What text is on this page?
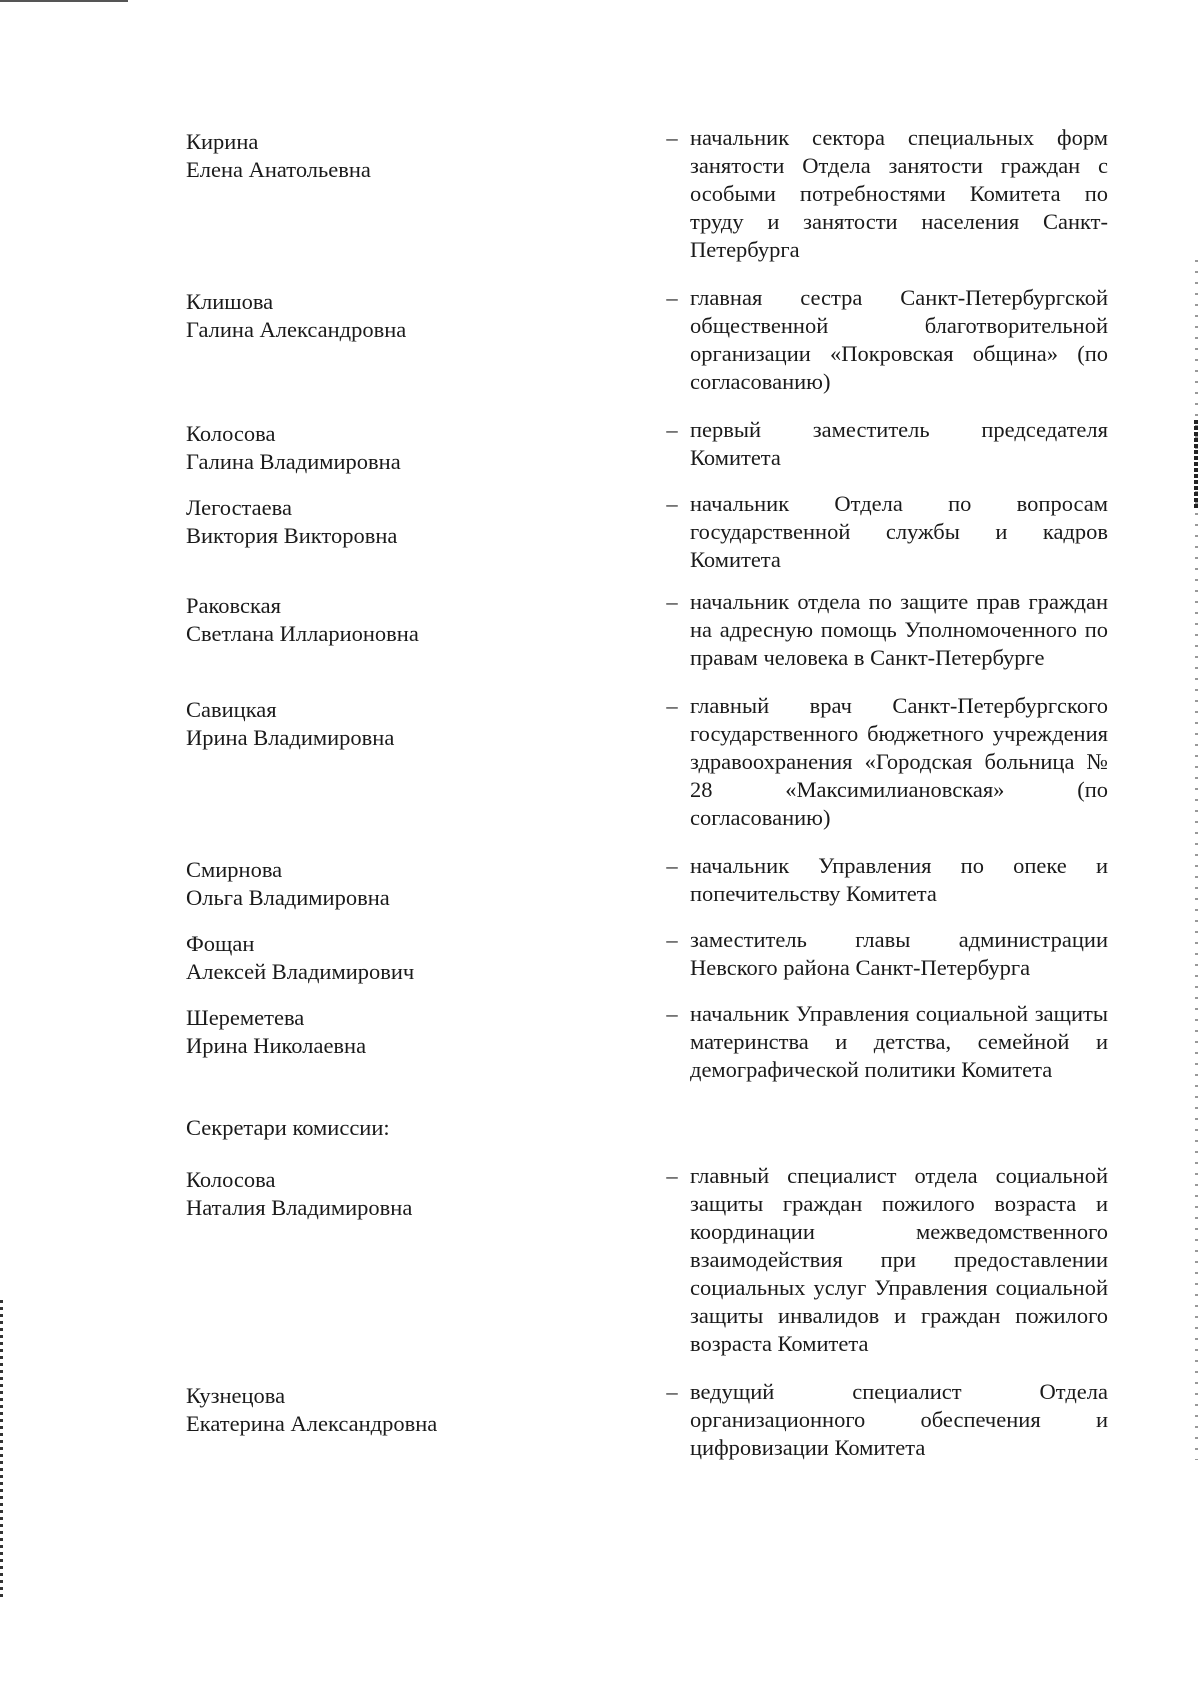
Кирина
Елена Анатольевна
– начальник сектора специальных форм занятости Отдела занятости граждан с особыми потребностями Комитета по труду и занятости населения Санкт-Петербурга
Клишова
Галина Александровна
– главная сестра Санкт-Петербургской общественной благотворительной организации «Покровская община» (по согласованию)
Колосова
Галина Владимировна
– первый заместитель председателя Комитета
Легостаева
Виктория Викторовна
– начальник Отдела по вопросам государственной службы и кадров Комитета
Раковская
Светлана Илларионовна
– начальник отдела по защите прав граждан на адресную помощь Уполномоченного по правам человека в Санкт-Петербурге
Савицкая
Ирина Владимировна
– главный врач Санкт-Петербургского государственного бюджетного учреждения здравоохранения «Городская больница № 28 «Максимилиановская» (по согласованию)
Смирнова
Ольга Владимировна
– начальник Управления по опеке и попечительству Комитета
Фощан
Алексей Владимирович
– заместитель главы администрации Невского района Санкт-Петербурга
Шереметева
Ирина Николаевна
– начальник Управления социальной защиты материнства и детства, семейной и демографической политики Комитета
Секретари комиссии:
Колосова
Наталия Владимировна
– главный специалист отдела социальной защиты граждан пожилого возраста и координации межведомственного взаимодействия при предоставлении социальных услуг Управления социальной защиты инвалидов и граждан пожилого возраста Комитета
Кузнецова
Екатерина Александровна
– ведущий специалист Отдела организационного обеспечения и цифровизации Комитета
